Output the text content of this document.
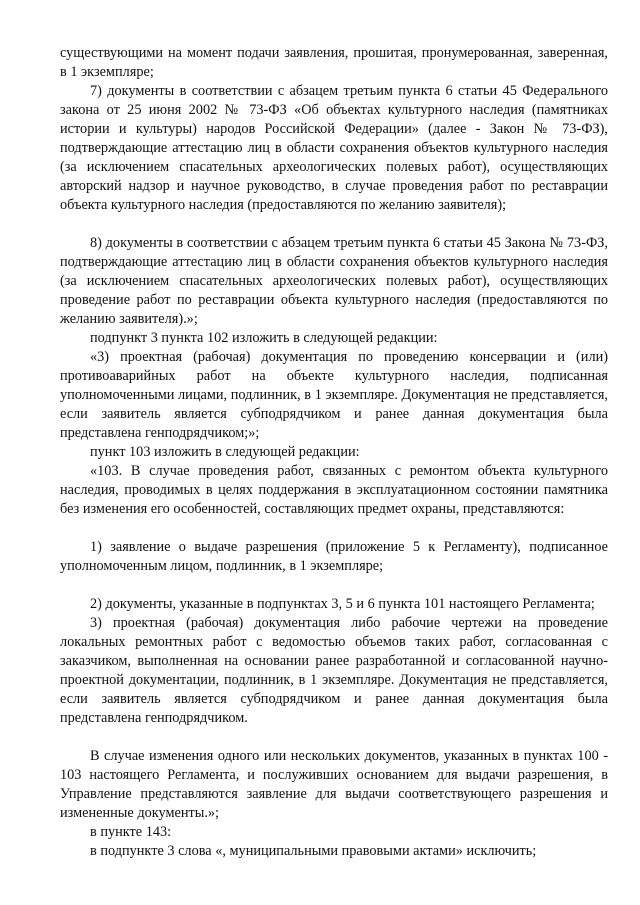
существующими на момент подачи заявления, прошитая, пронумерованная, заверенная, в 1 экземпляре;

7) документы в соответствии с абзацем третьим пункта 6 статьи 45 Федерального закона от 25 июня 2002 № 73-ФЗ «Об объектах культурного наследия (памятниках истории и культуры) народов Российской Федерации» (далее - Закон № 73-ФЗ), подтверждающие аттестацию лиц в области сохранения объектов культурного наследия (за исключением спасательных археологических полевых работ), осуществляющих авторский надзор и научное руководство, в случае проведения работ по реставрации объекта культурного наследия (предоставляются по желанию заявителя);

8) документы в соответствии с абзацем третьим пункта 6 статьи 45 Закона № 73-ФЗ, подтверждающие аттестацию лиц в области сохранения объектов культурного наследия (за исключением спасательных археологических полевых работ), осуществляющих проведение работ по реставрации объекта культурного наследия (предоставляются по желанию заявителя).»;

подпункт 3 пункта 102 изложить в следующей редакции:

«3) проектная (рабочая) документация по проведению консервации и (или) противоаварийных работ на объекте культурного наследия, подписанная уполномоченными лицами, подлинник, в 1 экземпляре. Документация не представляется, если заявитель является субподрядчиком и ранее данная документация была представлена генподрядчиком;»;

пункт 103 изложить в следующей редакции:

«103. В случае проведения работ, связанных с ремонтом объекта культурного наследия, проводимых в целях поддержания в эксплуатационном состоянии памятника без изменения его особенностей, составляющих предмет охраны, представляются:

1) заявление о выдаче разрешения (приложение 5 к Регламенту), подписанное уполномоченным лицом, подлинник, в 1 экземпляре;

2) документы, указанные в подпунктах 3, 5 и 6 пункта 101 настоящего Регламента;

3) проектная (рабочая) документация либо рабочие чертежи на проведение локальных ремонтных работ с ведомостью объемов таких работ, согласованная с заказчиком, выполненная на основании ранее разработанной и согласованной научно-проектной документации, подлинник, в 1 экземпляре. Документация не представляется, если заявитель является субподрядчиком и ранее данная документация была представлена генподрядчиком.

В случае изменения одного или нескольких документов, указанных в пунктах 100 - 103 настоящего Регламента, и послуживших основанием для выдачи разрешения, в Управление представляются заявление для выдачи соответствующего разрешения и измененные документы.»;

в пункте 143:

в подпункте 3 слова «, муниципальными правовыми актами» исключить;
